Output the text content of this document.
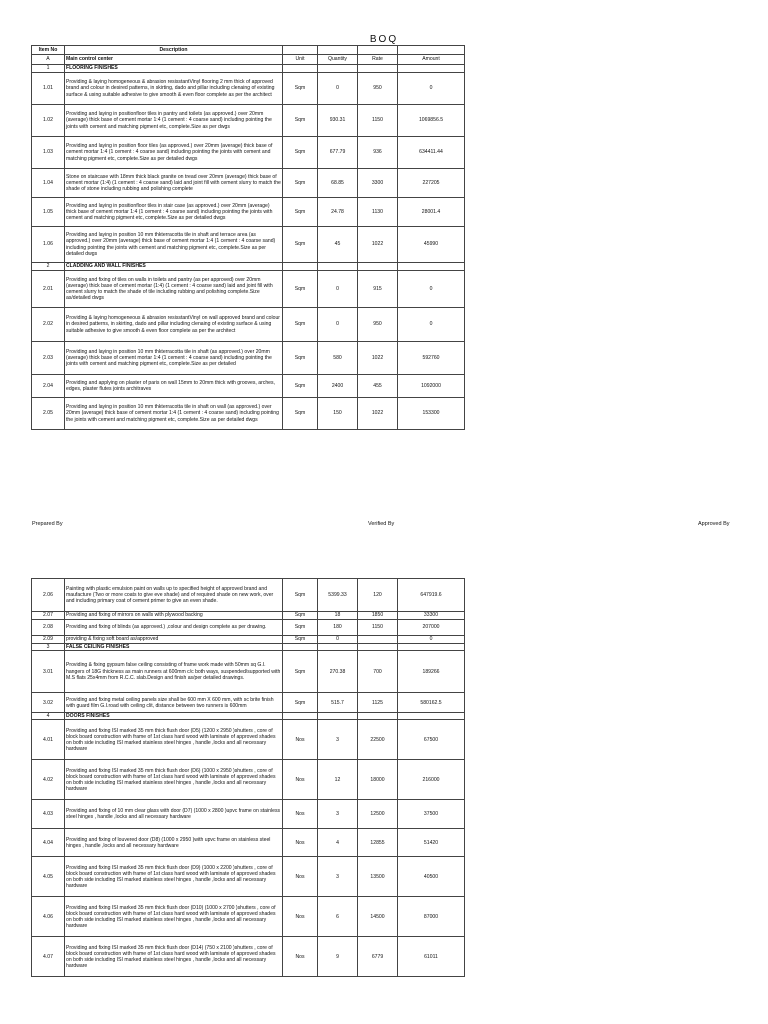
BOQ
Item No	Description				
A	Main control center	Unit	Quantity	Rate	Amount
1	FLOORING FINISHES				
1.01	Providing & laying homogeneous & abrasion resisstantVinyl flooring 2 mm thick of approved brand and colour in desired patterns, in skirting, dado and pillar including clenaing of existing surface & using suitable adhesive to give smooth & even floor complete as per the architect	Sqm	0	950	0
1.02	Providing and laying in positionfloor tiles in pantry and toilets (as approved.) over 20mm (average) thick base of cement mortar 1:4 (1 cement : 4 coarse sand) including pointing the joints with cement and matching pigment etc, complete.Size as per dwgs	Sqm	930.31	1150	1069856.5
1.03	Providing and laying in position floor tiles (as approved.) over 20mm (average) thick base of cement mortar 1:4 (1 cement : 4 coarse sand) including pointing the joints with cement and matching pigment etc, complete.Size as per detailed dwgs	Sqm	677.79	936	634411.44
1.04	Stone on staircase with 18mm thick black granite on tread over 20mm (average) thick base of cement mortar (1:4) (1 cement : 4 coarse sand) laid and joint fill with cement slurry to match the shade of stone including rubbing and polishing complete	Sqm	68.85	3300	227205
1.05	Providing and laying in positionfloor tiles in stair case (as approved.) over 20mm (average) thick base of cement mortar 1:4 (1 cement : 4 coarse sand) including pointing the joints with cement and matching pigment etc, complete.Size as per detailed dwgs	Sqm	24.78	1130	28001.4
1.06	Providing and laying in position 10 mm thkterracotta tile in shaft and terrace area (as approved.) over 20mm (average) thick base of cement mortar 1:4 (1 cement : 4 coarse sand) including pointing the joints with cement and matching pigment etc, complete.Size as per detailed dwgs	Sqm	45	1022	45990
2	CLADDING AND WALL FINISHES				
2.01	Providing and fixing of tiles on walls in toilets and pantry (as per approved) over 20mm (average) thick base of cement mortar (1:4) (1 cement : 4 coarse sand) laid and joint fill with cement slurry to match the shade of tile including rubbing and polishing complete.Size as/detailed dwgs	Sqm	0	915	0
2.02	Providing & laying homogeneous & abrasion resisstantVinyl on wall approved brand and colour in desired patterns, in skirting, dado and pillar including clenaing of existing surface & using suitable adhesive to give smooth & even floor complete as per the architect	Sqm	0	950	0
2.03	Providing and laying in position 10 mm thkterracotta tile in shaft (as approved.) over 20mm (average) thick base of cement mortar 1:4 (1 cement : 4 coarse sand) including pointing the joints with cement and matching pigment etc, complete.Size as per detailed	Sqm	580	1022	592760
2.04	Providing and applying on plaster of paris on wall 15mm to 20mm thick with grooves, arches, edges, plaster flutes joints architraves	Sqm	2400	455	1092000
2.05	Providing and laying in position 10 mm thkterracotta tile in shaft on wall (as approved.) over 20mm (average) thick base of cement mortar 1:4 (1 cement : 4 coarse sand) including pointing the joints with cement and matching pigment etc, complete.Size as per detailed dwgs	Sqm	150	1022	153300
Prepared By	Verified By	Approved By
2.06	Painting with plastic emulsion paint on walls up to specified height of approved brand and maufacture (Two or more coats to give eve shade) and of required shade on new work, over and including primary coat of cement primer to give an even shade.	Sqm	5399.33	120	647919.6
2.07	Providing and fixing of mirrors on walls with plywood backing	Sqm	18	1850	33300
2.08	Providing and fixing of blinds (as approved.) ,colour and design complete as per drawing.	Sqm	180	1150	207000
2.09	providing & fixing soft board as/approved	Sqm	0		0
3	FALSE CEILING FINISHES				
3.01	Providing & fixing gypsum false ceiling consisting of frame work made with 50mm sq G.I. hangers of 18G thickness as main runners at 600mm c/c both ways, suspended/supported with M.S flats 25x4mm from R.C.C. slab.Design and finish as/per detailed drawings.	Sqm	270.38	700	189266
3.02	Providing and fixing metal ceiling panels size shall be 600 mm X 600 mm, with sc brite finish with guard film G.I.road with ceiling clit, distance between two runners is 600mm	Sqm	515.7	1125	580162.5
4	DOORS FINISHES				
4.01	Providing and fixing ISI marked 35 mm thick flush door (D5) (1200 x 2950 )shutters , core of block board construction with frame of 1st class hard wood with laminate of approved shades on both side including ISI marked stainless steel hinges , handle ,locks and all necessary hardware	Nos	3	22500	67500
4.02	Providing and fixing ISI marked 35 mm thick flush door (D6) (1000 x 2950 )shutters , core of block board construction with frame of 1st class hard wood with laminate of approved shades on both side including ISI marked stainless steel hinges , handle ,locks and all necessary hardware	Nos	12	18000	216000
4.03	Providing and fixing of 10 mm clear glass with door (D7) (1000 x 2800 )upvc frame on stainless steel hinges , handle ,locks and all necessary hardware	Nos	3	12500	37500
4.04	Providing and fixing of louvered door (D8) (1000 x 2950 )with upvc frame on stainless steel hinges , handle ,locks and all necessary hardware	Nos	4	12855	51420
4.05	Providing and fixing ISI marked 35 mm thick flush door (D9) (1000 x 2200 )shutters , core of block board construction with frame of 1st class hard wood with laminate of approved shades on both side including ISI marked stainless steel hinges , handle ,locks and all necessary hardware	Nos	3	13500	40500
4.06	Providing and fixing ISI marked 35 mm thick flush door (D10) (1000 x 2700 )shutters , core of block board construction with frame of 1st class hard wood with laminate of approved shades on both side including ISI marked stainless steel hinges , handle ,locks and all necessary hardware	Nos	6	14500	87000
4.07	Providing and fixing ISI marked 35 mm thick flush door (D14) (750 x 2100 )shutters , core of block board construction with frame of 1st class hard wood with laminate of approved shades on both side including ISI marked stainless steel hinges , handle ,locks and all necessary hardware	Nos	9	6779	61011
